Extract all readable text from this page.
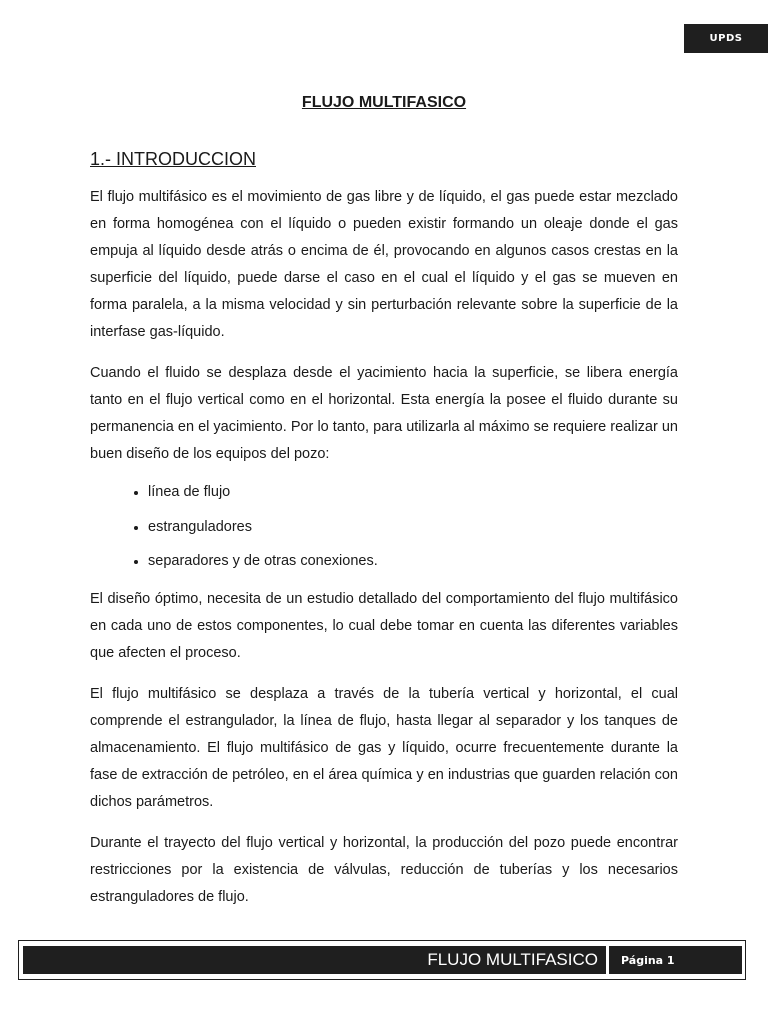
UPDS
FLUJO MULTIFASICO
1.- INTRODUCCION

El flujo multifásico es el movimiento de gas libre y de líquido, el gas puede estar mezclado en forma homogénea con el líquido o pueden existir formando un oleaje donde el gas empuja al líquido desde atrás o encima de él, provocando en algunos casos crestas en la superficie del líquido, puede darse el caso en el cual el líquido y el gas se mueven en forma paralela, a la misma velocidad y sin perturbación relevante sobre la superficie de la interfase gas-líquido.

Cuando el fluido se desplaza desde el yacimiento hacia la superficie, se libera energía tanto en el flujo vertical como en el horizontal. Esta energía la posee el fluido durante su permanencia en el yacimiento. Por lo tanto, para utilizarla al máximo se requiere realizar un buen diseño de los equipos del pozo:

• línea de flujo
• estranguladores
• separadores y de otras conexiones.

El diseño óptimo, necesita de un estudio detallado del comportamiento del flujo multifásico en cada uno de estos componentes, lo cual debe tomar en cuenta las diferentes variables que afecten el proceso.

El flujo multifásico se desplaza a través de la tubería vertical y horizontal, el cual comprende el estrangulador, la línea de flujo, hasta llegar al separador y los tanques de almacenamiento. El flujo multifásico de gas y líquido, ocurre frecuentemente durante la fase de extracción de petróleo, en el área química y en industrias que guarden relación con dichos parámetros.

Durante el trayecto del flujo vertical y horizontal, la producción del pozo puede encontrar restricciones por la existencia de válvulas, reducción de tuberías y los necesarios estranguladores de flujo.

FLUJO MULTIFASICO	Página 1
